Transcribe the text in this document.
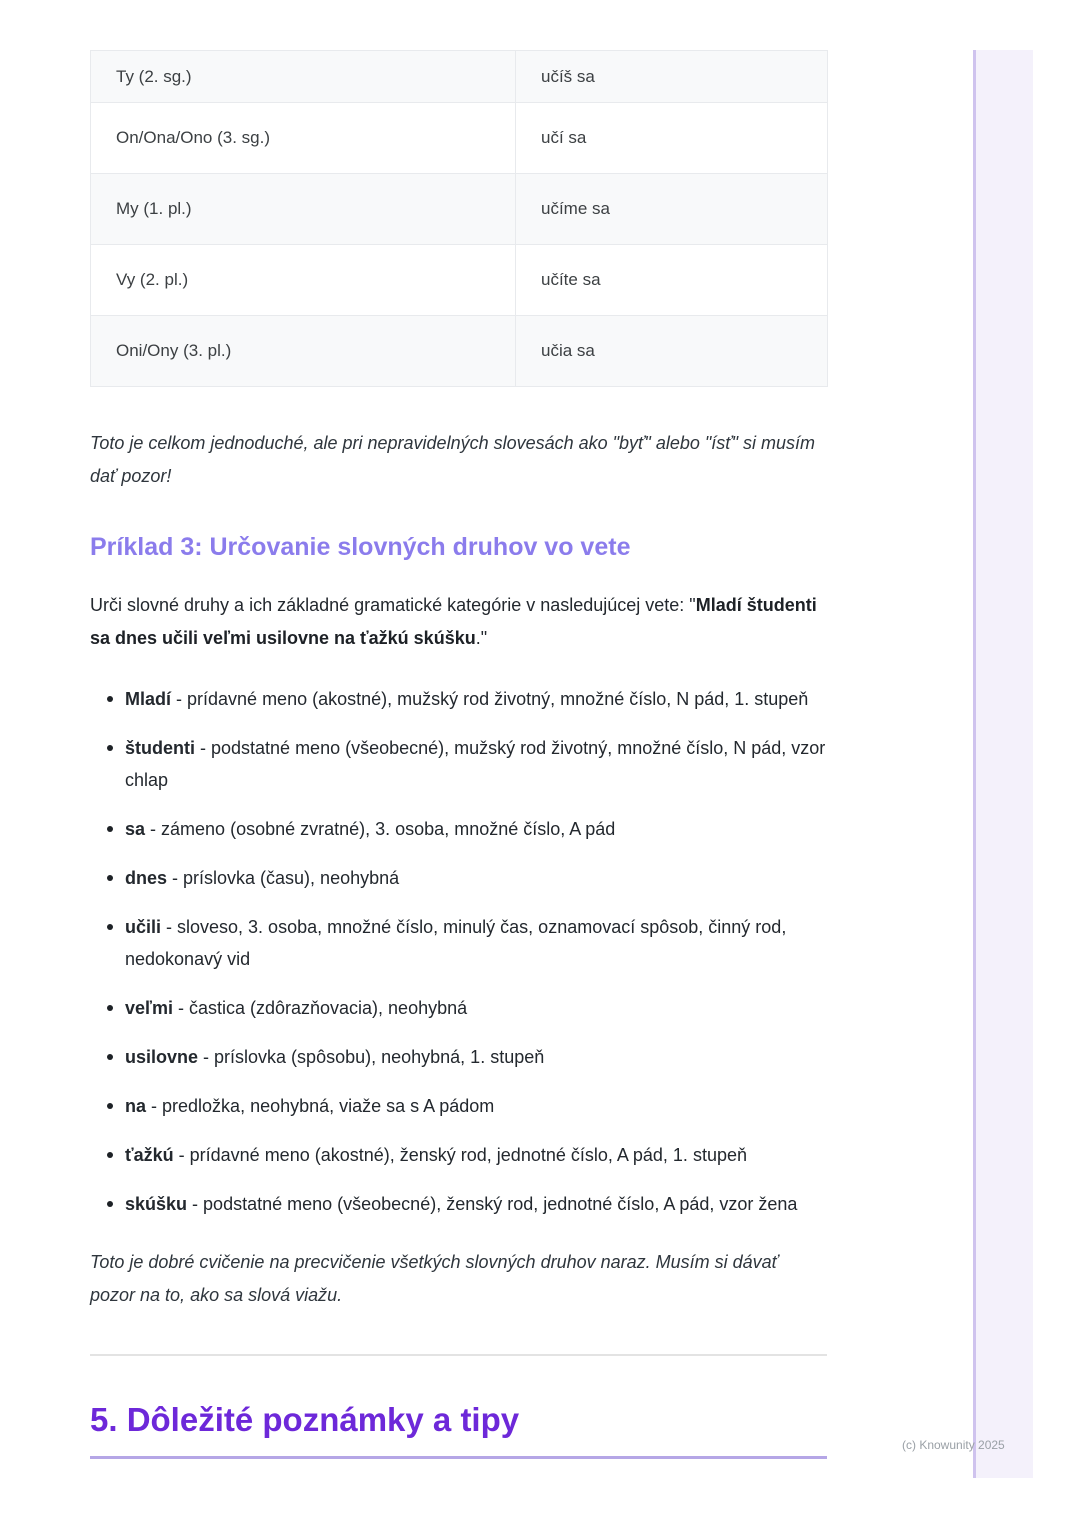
(c) Knowunity 2025
Ty (2. sg.)	učíš sa
On/Ona/Ono (3. sg.)	učí sa
My (1. pl.)	učíme sa
Vy (2. pl.)	učíte sa
Oni/Ony (3. pl.)	učia sa

Toto je celkom jednoduché, ale pri nepravidelných slovesách ako "byť" alebo "ísť" si musím dať pozor!

Príklad 3: Určovanie slovných druhov vo vete

Urči slovné druhy a ich základné gramatické kategórie v nasledujúcej vete: "Mladí študenti sa dnes učili veľmi usilovne na ťažkú skúšku."

Mladí - prídavné meno (akostné), mužský rod životný, množné číslo, N pád, 1. stupeň
študenti - podstatné meno (všeobecné), mužský rod životný, množné číslo, N pád, vzor chlap
sa - zámeno (osobné zvratné), 3. osoba, množné číslo, A pád
dnes - príslovka (času), neohybná
učili - sloveso, 3. osoba, množné číslo, minulý čas, oznamovací spôsob, činný rod, nedokonavý vid
veľmi - častica (zdôrazňovacia), neohybná
usilovne - príslovka (spôsobu), neohybná, 1. stupeň
na - predložka, neohybná, viaže sa s A pádom
ťažkú - prídavné meno (akostné), ženský rod, jednotné číslo, A pád, 1. stupeň
skúšku - podstatné meno (všeobecné), ženský rod, jednotné číslo, A pád, vzor žena

Toto je dobré cvičenie na precvičenie všetkých slovných druhov naraz. Musím si dávať pozor na to, ako sa slová viažu.

5. Dôležité poznámky a tipy
